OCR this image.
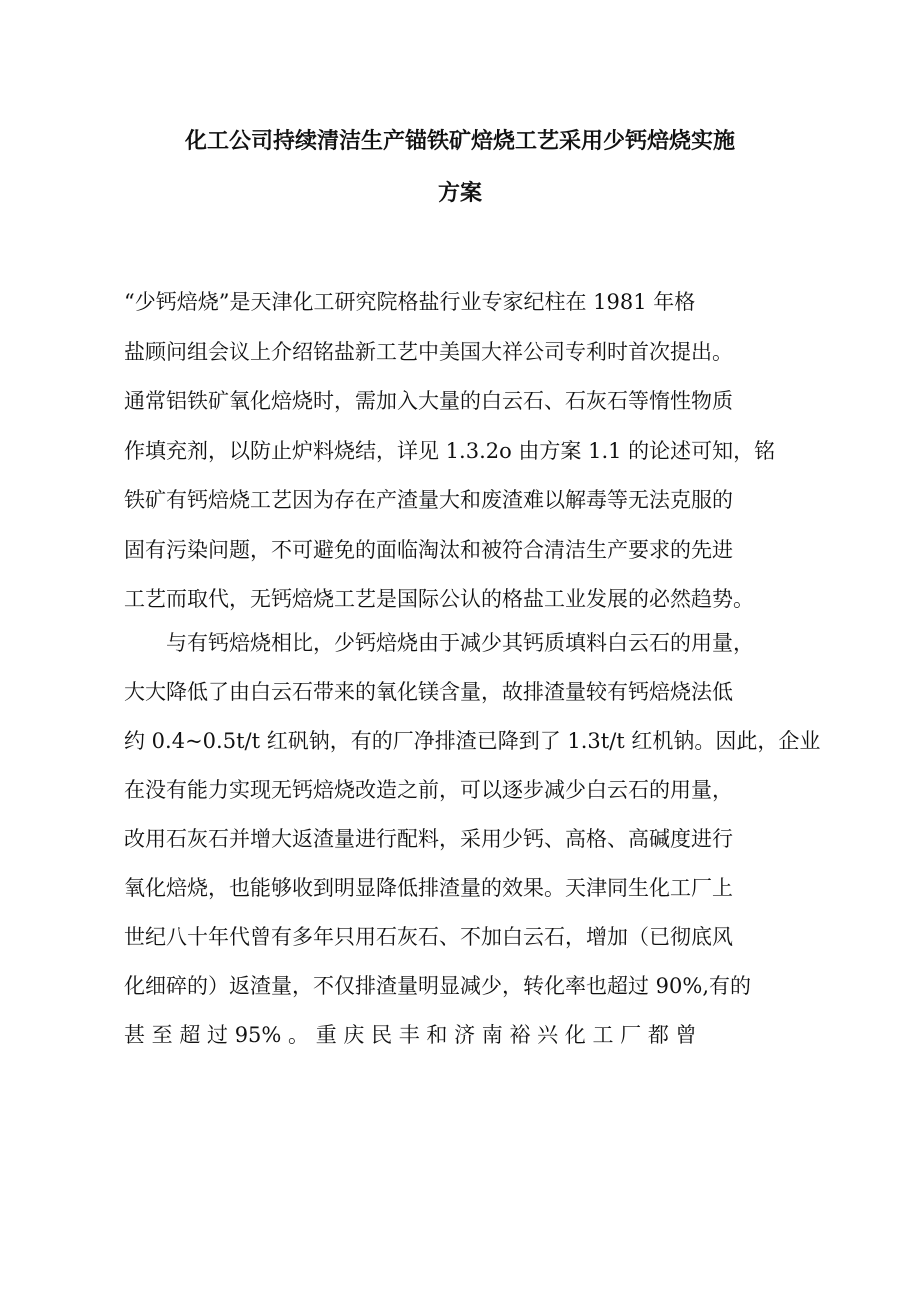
化工公司持续清洁生产锚铁矿焙烧工艺采用少钙焙烧实施
方案

“少钙焙烧”是天津化工研究院格盐行业专家纪柱在 1981 年格

盐顾问组会议上介绍铭盐新工艺中美国大祥公司专利时首次提出。

通常铝铁矿氧化焙烧时，需加入大量的白云石、石灰石等惰性物质

作填充剂，以防止炉料烧结，详见 1.3.2o 由方案 1.1 的论述可知，铭

铁矿有钙焙烧工艺因为存在产渣量大和废渣难以解毒等无法克服的

固有污染问题，不可避免的面临淘汰和被符合清洁生产要求的先进

工艺而取代，无钙焙烧工艺是国际公认的格盐工业发展的必然趋势。

与有钙焙烧相比，少钙焙烧由于减少其钙质填料白云石的用量，

大大降低了由白云石带来的氧化镁含量，故排渣量较有钙焙烧法低

约 0.4~0.5t/t 红矾钠，有的厂净排渣已降到了 1.3t/t 红机钠。因此，企业

在没有能力实现无钙焙烧改造之前，可以逐步减少白云石的用量，

改用石灰石并增大返渣量进行配料，采用少钙、高格、高碱度进行

氧化焙烧，也能够收到明显降低排渣量的效果。天津同生化工厂上

世纪八十年代曾有多年只用石灰石、不加白云石，增加（已彻底风

化细碎的）返渣量，不仅排渣量明显减少，转化率也超过 90%,有的

甚 至 超 过 95% 。 重 庆 民 丰 和 济 南 裕 兴 化 工 厂 都 曾
